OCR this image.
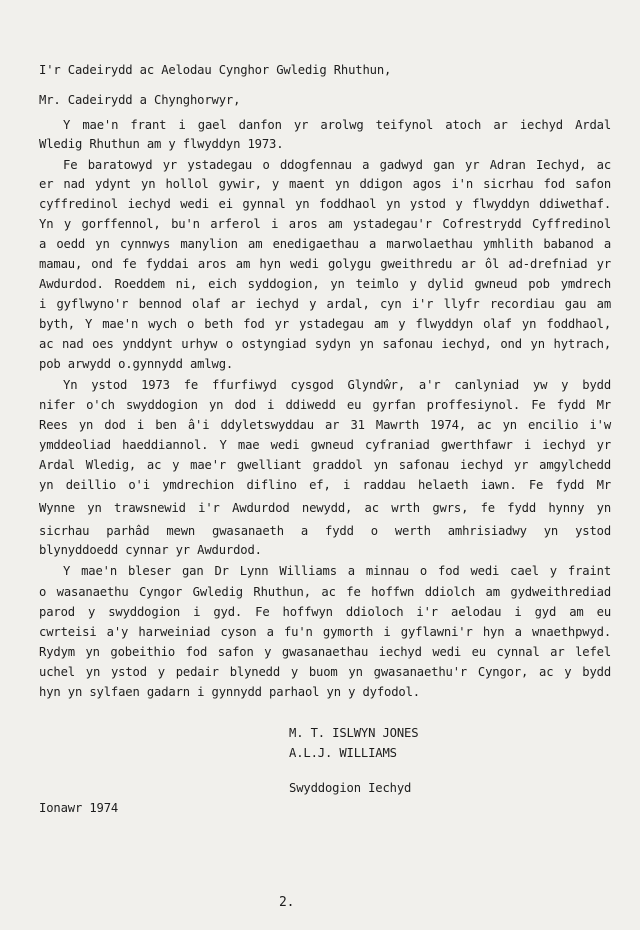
I'r Cadeirydd ac Aelodau Cynghor Gwledig Rhuthun,
Mr. Cadeirydd a Chynghorwyr,
Y mae'n frant i gael danfon yr arolwg teifynol atoch ar iechyd Ardal
Wledig Rhuthun am y flwyddyn 1973.
Fe baratowyd yr ystadegau o ddogfennau a gadwyd gan yr Adran Iechyd, ac
er nad ydynt yn hollol gywir, y maent yn ddigon agos i'n sicrhau fod safon
cyffredinol iechyd wedi ei gynnal yn foddhaol yn ystod y flwyddyn ddiwethaf.
Yn y gorffennol, bu'n arferol i aros am ystadegau'r Cofrestrydd Cyffredinol
a oedd yn cynnwys manylion am enedigaethau a marwolaethau ymhlith babanod a
mamau, ond fe fyddai aros am hyn wedi golygu gweithredu ar ôl ad-drefniad yr
Awdurdod. Roeddem ni, eich syddogion, yn teimlo y dylid gwneud pob ymdrech
i gyflwyno'r bennod olaf ar iechyd y ardal, cyn i'r llyfr recordiau gau am
byth, Y mae'n wych o beth fod yr ystadegau am y flwyddyn olaf yn foddhaol,
ac nad oes ynddynt urhyw o ostyngiad sydyn yn safonau iechyd, ond yn hytrach,
pob arwydd o.gynnydd amlwg.
Yn ystod 1973 fe ffurfiwyd cysgod Glyndŵr, a'r canlyniad yw y bydd
nifer o'ch swyddogion yn dod i ddiwedd eu gyrfan proffesiynol. Fe fydd Mr
Rees yn dod i ben â'i ddyletswyddau ar 31 Mawrth 1974, ac yn encilio i'w
ymddeoliad haeddiannol. Y mae wedi gwneud cyfraniad gwerthfawr i iechyd yr
Ardal Wledig, ac y mae'r gwelliant graddol yn safonau iechyd yr amgylchedd
yn deillio o'i ymdrechion diflino ef, i raddau helaeth iawn. Fe fydd Mr
Wynne yn trawsnewid i'r Awdurdod newydd, ac wrth gwrs, fe fydd hynny yn
sicrhau parhâd mewn gwasanaeth a fydd o werth amhrisiadwy yn ystod
blynyddoedd cynnar yr Awdurdod.
Y mae'n bleser gan Dr Lynn Williams a minnau o fod wedi cael y fraint
o wasanaethu Cyngor Gwledig Rhuthun, ac fe hoffwn ddiolch am gydweithrediad
parod y swyddogion i gyd. Fe hoffwyn ddioloch i'r aelodau i gyd am eu
cwrteisi a'y harweiniad cyson a fu'n gymorth i gyflawni'r hyn a wnaethpwyd.
Rydym yn gobeithio fod safon y gwasanaethau iechyd wedi eu cynnal ar lefel
uchel yn ystod y pedair blynedd y buom yn gwasanaethu'r Cyngor, ac y bydd
hyn yn sylfaen gadarn i gynnydd parhaol yn y dyfodol.
M. T. ISLWYN JONES
A.L.J. WILLIAMS
Swyddogion Iechyd
Ionawr 1974
2.
